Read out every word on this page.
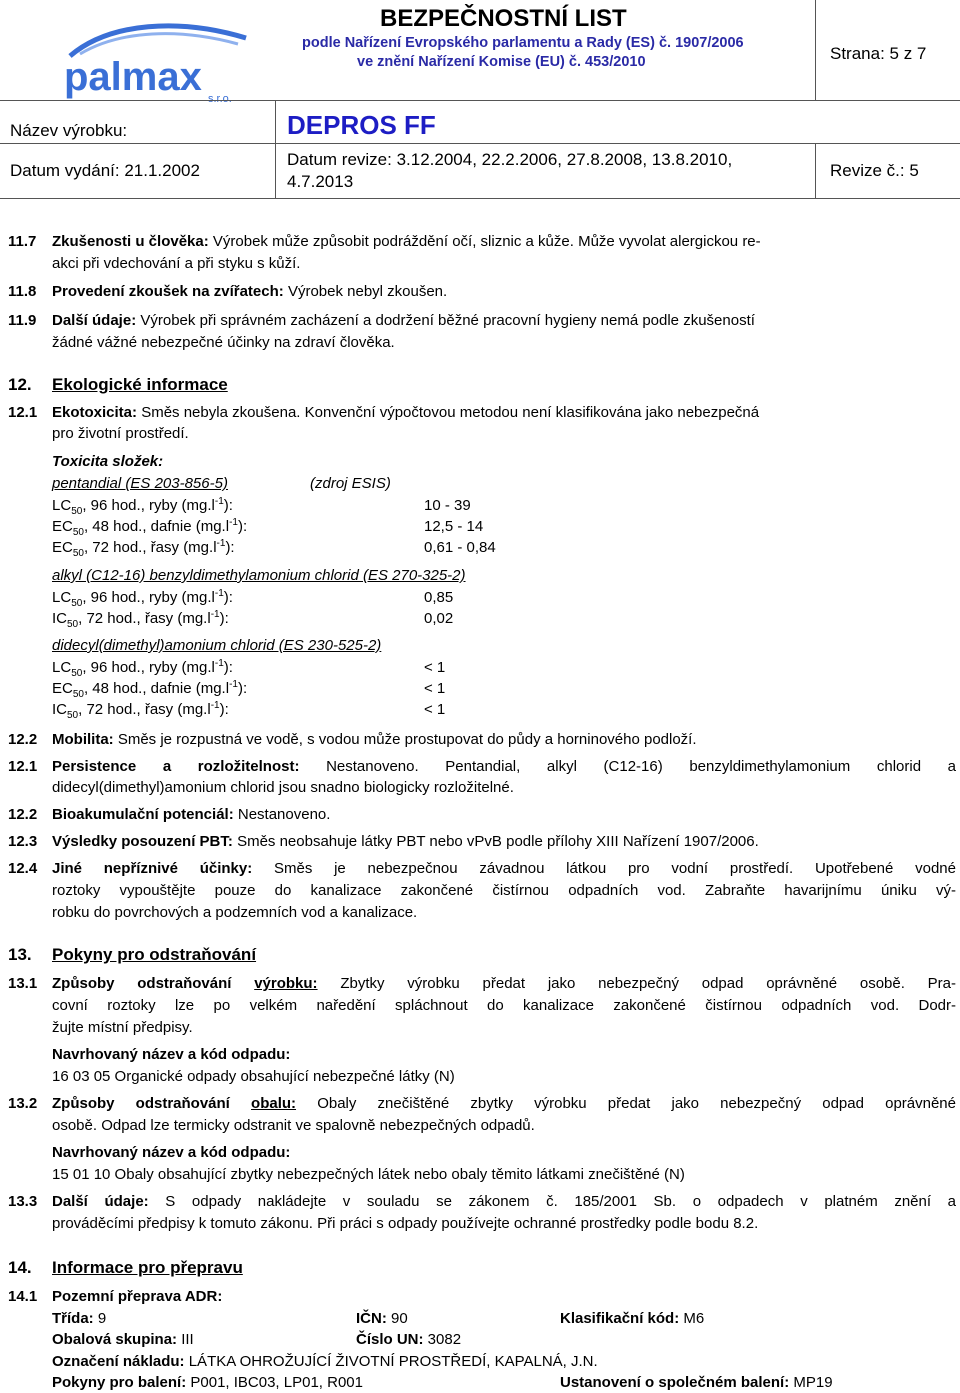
palmax s.r.o.
BEZPEČNOSTNÍ LIST
podle Nařízení Evropského parlamentu a Rady (ES) č. 1907/2006
ve znění Nařízení Komise (EU) č. 453/2010	Strana: 5 z 7
Název výrobku:	DEPROS FF
Datum vydání: 21.1.2002
Datum revize: 3.12.2004, 22.2.2006, 27.8.2008, 13.8.2010,
4.7.2013
Revize č.: 5
11.7 Zkušenosti u člověka: Výrobek může způsobit podráždění očí, sliznic a kůže. Může vyvolat alergickou re-
akci při vdechování a při styku s kůží.
11.8 Provedení zkoušek na zvířatech: Výrobek nebyl zkoušen.
11.9 Další údaje: Výrobek při správném zacházení a dodržení běžné pracovní hygieny nemá podle zkušeností
žádné vážné nebezpečné účinky na zdraví člověka.
12. Ekologické informace
12.1 Ekotoxicita: Směs nebyla zkoušena. Konvenční výpočtovou metodou není klasifikována jako nebezpečná
pro životní prostředí.
Toxicita složek:
pentandial (ES 203-856-5)	(zdroj ESIS)
$LC_{50}$, 96 hod., ryby $(mg.l^{-1})$:	10 - 39
$EC_{50}$, 48 hod., dafnie $(mg.l^{-1})$:	12,5 - 14
$EC_{50}$, 72 hod., řasy $(mg.l^{-1})$:	0,61 - 0,84
alkyl (C12-16) benzyldimethylamonium chlorid (ES 270-325-2)
$LC_{50}$, 96 hod., ryby $(mg.l^{-1})$:	0,85
$IC_{50}$, 72 hod., řasy $(mg.l^{-1})$:	0,02
didecyl(dimethyl)amonium chlorid (ES 230-525-2)
$LC_{50}$, 96 hod., ryby $(mg.l^{-1})$:	< 1
$EC_{50}$, 48 hod., dafnie $(mg.l^{-1})$:	< 1
$IC_{50}$, 72 hod., řasy $(mg.l^{-1})$:	< 1
12.2 Mobilita: Směs je rozpustná ve vodě, s vodou může prostupovat do půdy a horninového podloží.
12.1 Persistence a rozložitelnost: Nestanoveno. Pentandial, alkyl (C12-16) benzyldimethylamonium chlorid a
didecyl(dimethyl)amonium chlorid jsou snadno biologicky rozložitelné.
12.2 Bioakumulační potenciál: Nestanoveno.
12.3 Výsledky posouzení PBT: Směs neobsahuje látky PBT nebo vPvB podle přílohy XIII Nařízení 1907/2006.
12.4 Jiné nepříznivé účinky: Směs je nebezpečnou závadnou látkou pro vodní prostředí. Upotřebené vodné
roztoky vypouštějte pouze do kanalizace zakončené čistírnou odpadních vod. Zabraňte havarijnímu úniku vý-
robku do povrchových a podzemních vod a kanalizace.
13. Pokyny pro odstraňování
13.1 Způsoby odstraňování výrobku: Zbytky výrobku předat jako nebezpečný odpad oprávněné osobě. Pra-
covní roztoky lze po velkém naředění spláchnout do kanalizace zakončené čistírnou odpadních vod. Dodr-
žujte místní předpisy.
Navrhovaný název a kód odpadu:
16 03 05 Organické odpady obsahující nebezpečné látky (N)
13.2 Způsoby odstraňování obalu: Obaly znečištěné zbytky výrobku předat jako nebezpečný odpad oprávněné
osobě. Odpad lze termicky odstranit ve spalovně nebezpečných odpadů.
Navrhovaný název a kód odpadu:
15 01 10 Obaly obsahující zbytky nebezpečných látek nebo obaly těmito látkami znečištěné (N)
13.3 Další údaje: S odpady nakládejte v souladu se zákonem č. 185/2001 Sb. o odpadech v platném znění a
prováděcími předpisy k tomuto zákonu. Při práci s odpady používejte ochranné prostředky podle bodu 8.2.
14. Informace pro přepravu
14.1 Pozemní přeprava ADR:
Třída: 9	IČN: 90	Klasifikační kód: M6
Obalová skupina: III	Číslo UN: 3082
Označení nákladu: LÁTKA OHROŽUJÍCÍ ŽIVOTNÍ PROSTŘEDÍ, KAPALNÁ, J.N.
Pokyny pro balení: P001, IBC03, LP01, R001	Ustanovení o společném balení: MP19
